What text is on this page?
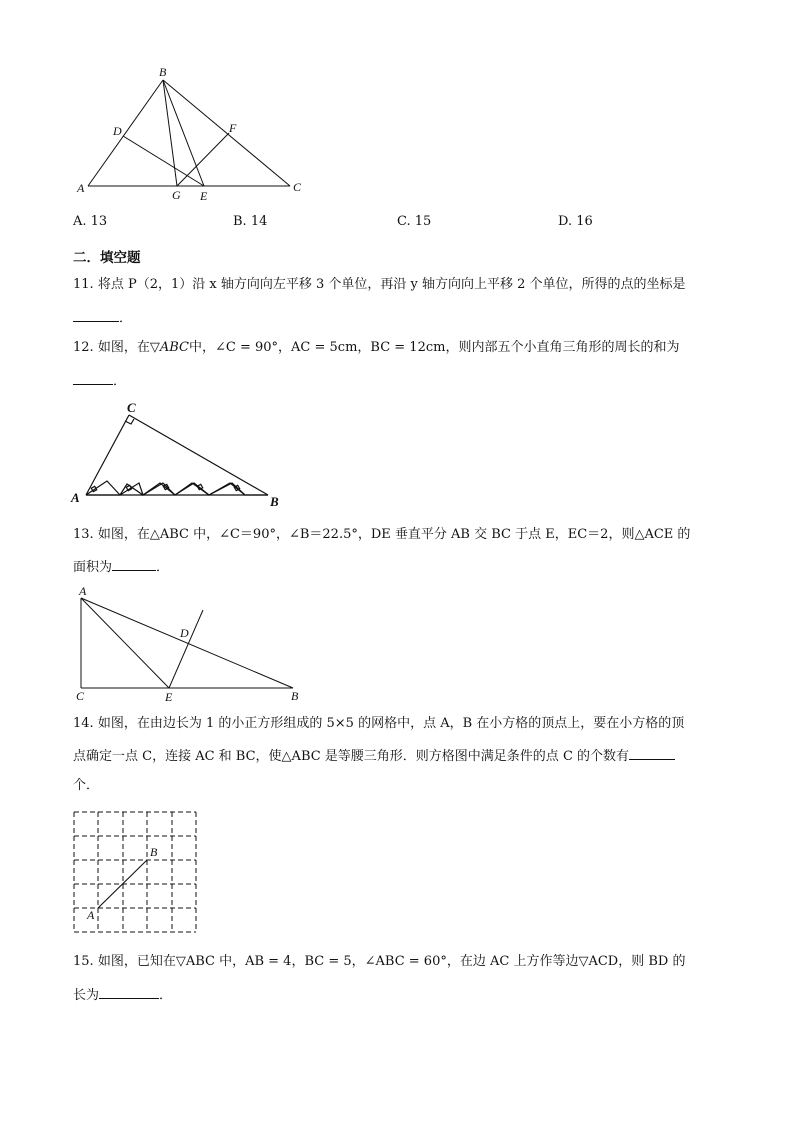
B
D	F
A	G E
C
A. 13	B. 14	C. 15	D. 16
二．填空题
11. 将点 P（2，1）沿 x 轴方向向左平移 3 个单位，再沿 y 轴方向向上平移 2 个单位，所得的点的坐标是
．
12. 如图，在▽ABC中，∠C = 90°，AC = 5cm，BC = 12cm，则内部五个小直角三角形的周长的和为
．
C
A	B
13. 如图，在△ABC 中，∠C＝90°，∠B＝22.5°，DE 垂直平分 AB 交 BC 于点 E，EC＝2，则△ACE 的
面积为	．
A
D
C	E	B
14. 如图，在由边长为 1 的小正方形组成的 5×5 的网格中，点 A，B 在小方格的顶点上，要在小方格的顶
点确定一点 C，连接 AC 和 BC，使△ABC 是等腰三角形．则方格图中满足条件的点 C 的个数有
个．
B
A
15. 如图，已知在▽ABC 中，AB = 4，BC = 5，∠ABC = 60°，在边 AC 上方作等边▽ACD，则 BD 的
长为	．
